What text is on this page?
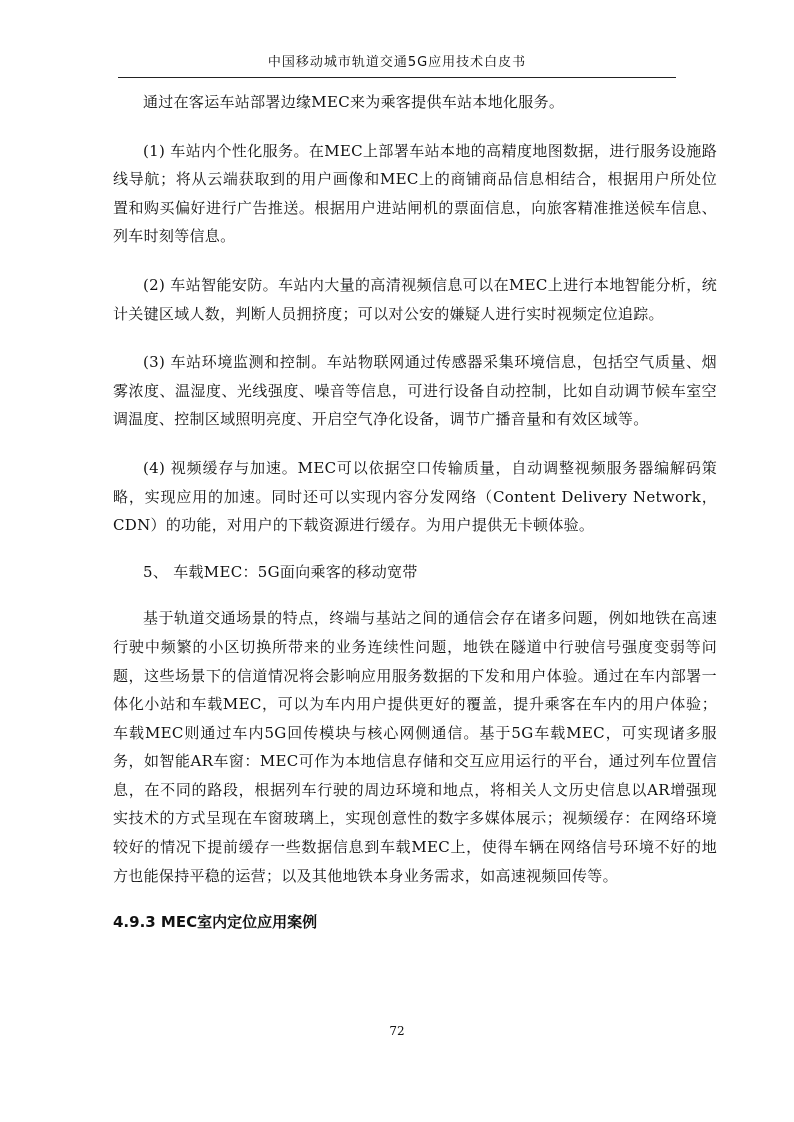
中国移动城市轨道交通5G应用技术白皮书

通过在客运车站部署边缘MEC来为乘客提供车站本地化服务。

(1) 车站内个性化服务。在MEC上部署车站本地的高精度地图数据，进行服务设施路线导航；将从云端获取到的用户画像和MEC上的商铺商品信息相结合，根据用户所处位置和购买偏好进行广告推送。根据用户进站闸机的票面信息，向旅客精准推送候车信息、列车时刻等信息。

(2) 车站智能安防。车站内大量的高清视频信息可以在MEC上进行本地智能分析，统计关键区域人数，判断人员拥挤度；可以对公安的嫌疑人进行实时视频定位追踪。

(3) 车站环境监测和控制。车站物联网通过传感器采集环境信息，包括空气质量、烟雾浓度、温湿度、光线强度、噪音等信息，可进行设备自动控制，比如自动调节候车室空调温度、控制区域照明亮度、开启空气净化设备，调节广播音量和有效区域等。

(4) 视频缓存与加速。MEC可以依据空口传输质量，自动调整视频服务器编解码策略，实现应用的加速。同时还可以实现内容分发网络（Content Delivery Network，CDN）的功能，对用户的下载资源进行缓存。为用户提供无卡顿体验。

5、 车载MEC：5G面向乘客的移动宽带

基于轨道交通场景的特点，终端与基站之间的通信会存在诸多问题，例如地铁在高速行驶中频繁的小区切换所带来的业务连续性问题，地铁在隧道中行驶信号强度变弱等问题，这些场景下的信道情况将会影响应用服务数据的下发和用户体验。通过在车内部署一体化小站和车载MEC，可以为车内用户提供更好的覆盖，提升乘客在车内的用户体验；车载MEC则通过车内5G回传模块与核心网侧通信。基于5G车载MEC，可实现诸多服务，如智能AR车窗：MEC可作为本地信息存储和交互应用运行的平台，通过列车位置信息，在不同的路段，根据列车行驶的周边环境和地点，将相关人文历史信息以AR增强现实技术的方式呈现在车窗玻璃上，实现创意性的数字多媒体展示；视频缓存：在网络环境较好的情况下提前缓存一些数据信息到车载MEC上，使得车辆在网络信号环境不好的地方也能保持平稳的运营；以及其他地铁本身业务需求，如高速视频回传等。

4.9.3 MEC室内定位应用案例

72
